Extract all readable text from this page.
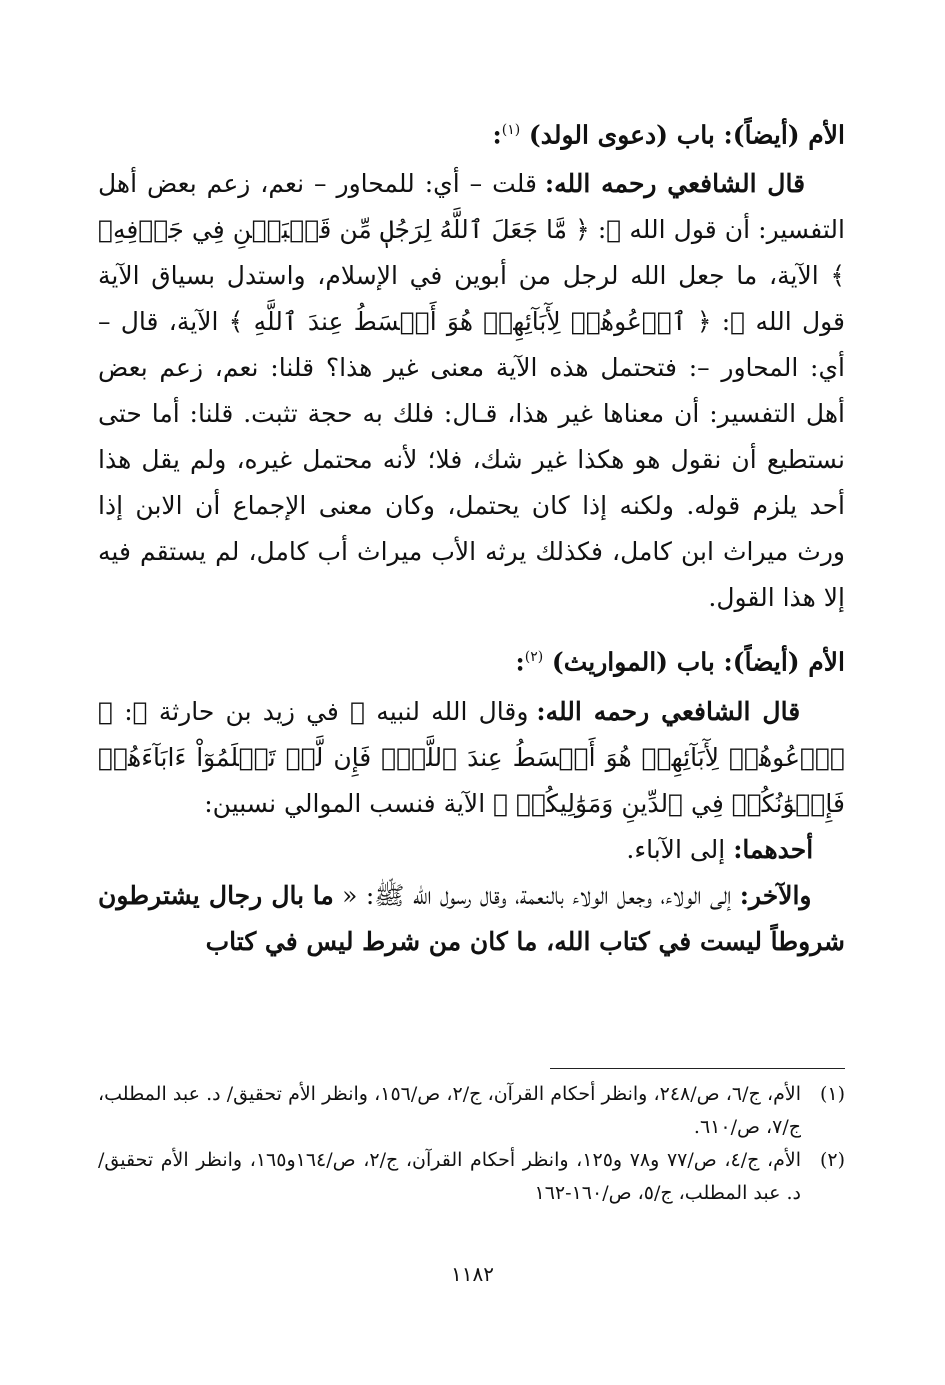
الأم (أيضاً): باب (دعوى الولد) $^{(١)}$:

قال الشافعي رحمه الله: قلت – أي: للمحاور – نعم، زعم بعض أهل التفسير: أن قول الله ﷻ: ﴿ مَّا جَعَلَ ٱللَّهُ لِرَجُلٖ مِّن قَلۡبَيۡنِ فِي جَوۡفِهِۦ ﴾ الآية، ما جعل الله لرجل من أبوين في الإسلام، واستدل بسياق الآية قول الله ﷻ: ﴿ ٱدۡعُوهُمۡ لِأٓبَآئِهِمۡ هُوَ أَقۡسَطُ عِندَ ٱللَّهِ ﴾ الآية، قال – أي: المحاور –: فتحتمل هذه الآية معنى غير هذا؟ قلنا: نعم، زعم بعض أهل التفسير: أن معناها غير هذا، قـال: فلك به حجة تثبت. قلنا: أما حتى نستطيع أن نقول هو هكذا غير شك، فلا؛ لأنه محتمل غيره، ولم يقل هذا أحد يلزم قوله. ولكنه إذا كان يحتمل، وكان معنى الإجماع أن الابن إذا ورث ميراث ابن كامل، فكذلك يرثه الأب ميراث أب كامل، لم يستقم فيه إلا هذا القول.

الأم (أيضاً): باب (المواريث) $^{(٢)}$:

قال الشافعي رحمه الله: وقال الله لنبيه ﷺ في زيد بن حارثة ﷺ: ﴿ ٱدۡعُوهُمۡ لِأٓبَآئِهِمۡ هُوَ أَقۡسَطُ عِندَ ٱللَّهِۚ فَإِن لَّمۡ تَعۡلَمُوٓاْ ءَابَآءَهُمۡ فَإِخۡوَٰنُكُمۡ فِي ٱلدِّينِ وَمَوَٰلِيكُمۡ ﴾ الآية فنسب الموالي نسبين:

أحدهما: إلى الآباء.

والآخر: إلى الولاء، وجعل الولاء بالنعمة، وقال رسول الله ﷺ: « ما بال رجال يشترطون شروطاً ليست في كتاب الله، ما كان من شرط ليس في كتاب

(١)
الأم، ج/٦، ص/٢٤٨، وانظر أحكام القرآن، ج/٢، ص/١٥٦، وانظر الأم تحقيق/ د. عبد المطلب، ج/٧، ص/٦١٠.
(٢)
الأم، ج/٤، ص/٧٧ و٧٨ و١٢٥، وانظر أحكام القرآن، ج/٢، ص/١٦٤و١٦٥، وانظر الأم تحقيق/ د. عبد المطلب، ج/٥، ص/١٦٠-١٦٢
١١٨٢
